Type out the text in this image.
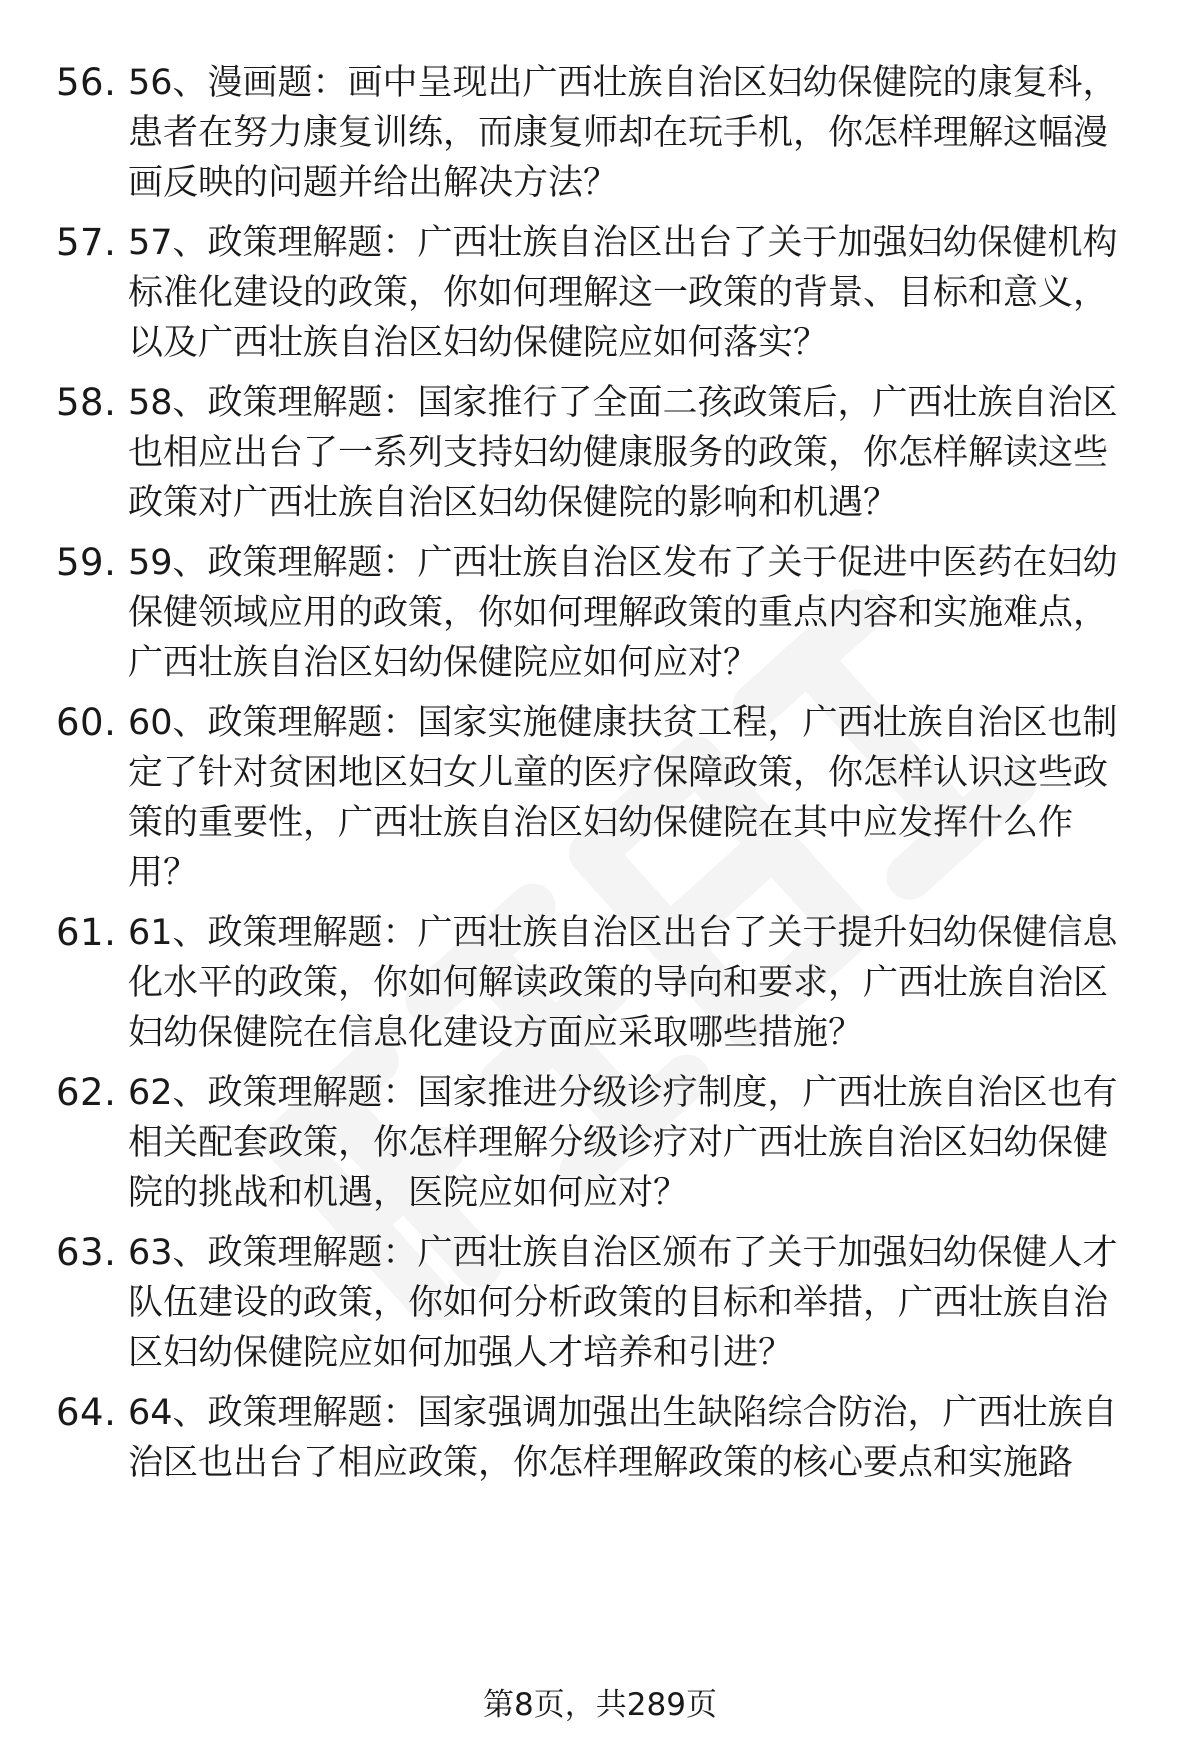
56. 56、漫画题：画中呈现出广西壮族自治区妇幼保健院的康复科，
患者在努力康复训练，而康复师却在玩手机，你怎样理解这幅漫
画反映的问题并给出解决方法？
57. 57、政策理解题：广西壮族自治区出台了关于加强妇幼保健机构
标准化建设的政策，你如何理解这一政策的背景、目标和意义，
以及广西壮族自治区妇幼保健院应如何落实？
58. 58、政策理解题：国家推行了全面二孩政策后，广西壮族自治区
也相应出台了一系列支持妇幼健康服务的政策，你怎样解读这些
政策对广西壮族自治区妇幼保健院的影响和机遇？
59. 59、政策理解题：广西壮族自治区发布了关于促进中医药在妇幼
保健领域应用的政策，你如何理解政策的重点内容和实施难点，
广西壮族自治区妇幼保健院应如何应对？
60. 60、政策理解题：国家实施健康扶贫工程，广西壮族自治区也制
定了针对贫困地区妇女儿童的医疗保障政策，你怎样认识这些政
策的重要性，广西壮族自治区妇幼保健院在其中应发挥什么作
用？
61. 61、政策理解题：广西壮族自治区出台了关于提升妇幼保健信息
化水平的政策，你如何解读政策的导向和要求，广西壮族自治区
妇幼保健院在信息化建设方面应采取哪些措施？
62. 62、政策理解题：国家推进分级诊疗制度，广西壮族自治区也有
相关配套政策，你怎样理解分级诊疗对广西壮族自治区妇幼保健
院的挑战和机遇，医院应如何应对？
63. 63、政策理解题：广西壮族自治区颁布了关于加强妇幼保健人才
队伍建设的政策，你如何分析政策的目标和举措，广西壮族自治
区妇幼保健院应如何加强人才培养和引进？
64. 64、政策理解题：国家强调加强出生缺陷综合防治，广西壮族自
治区也出台了相应政策，你怎样理解政策的核心要点和实施路
第8页，共289页
